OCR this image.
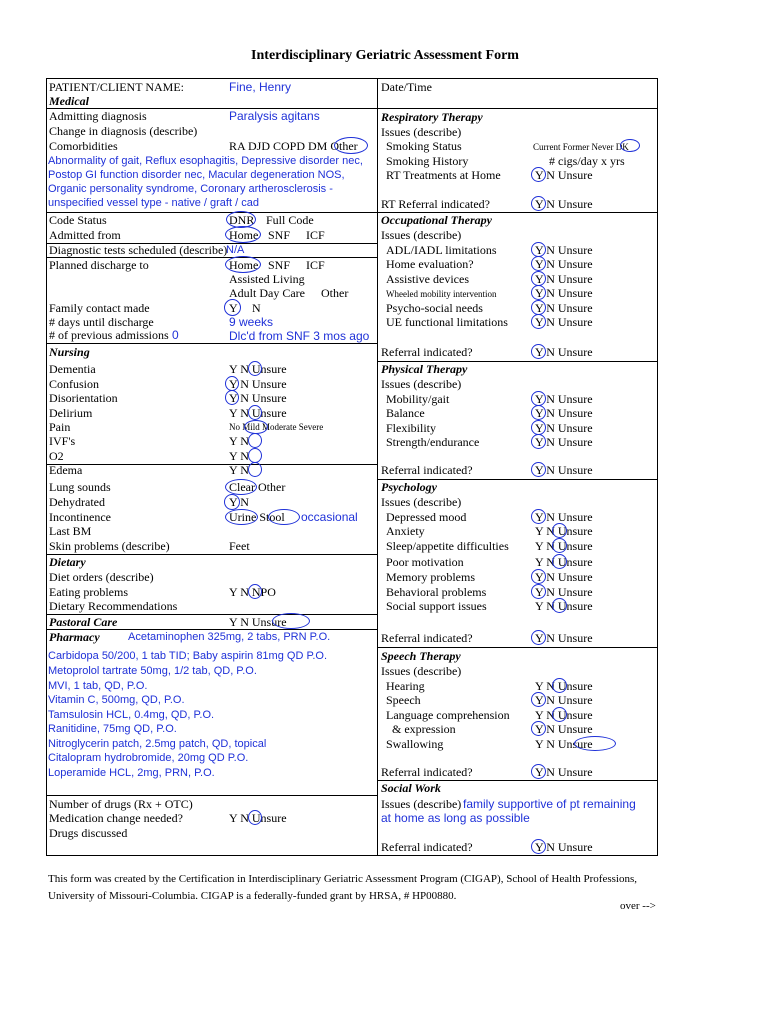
Interdisciplinary Geriatric Assessment Form
PATIENT/CLIENT NAME:	Fine, Henry
Medical
Admitting diagnosis	Paralysis agitans
Change in diagnosis (describe)
Comorbidities	RA DJD COPD DM Other
Abnormality of gait, Reflux esophagitis, Depressive disorder nec,
Postop GI function disorder nec, Macular degeneration NOS,
Organic personality syndrome, Coronary artherosclerosis -
unspecified vessel type - native / graft / cad
Code Status	DNR Full Code
Admitted from	Home SNF ICF
Diagnostic tests scheduled (describe)
N/A
Planned discharge to	Home SNF ICF
Assisted Living
Adult Day Care Other
Family contact made	Y N
# days until discharge	9 weeks
# of previous admissions 0	Dlc'd from SNF 3 mos ago
Nursing
Dementia	Y N Unsure
Confusion	Y N Unsure
Disorientation	Y N Unsure
Delirium	Y N Unsure
Pain	No Mild Moderate Severe
IVF's	Y N
O2	Y N
Edema	Y N
Lung sounds	Clear Other
Dehydrated	Y N
Incontinence	Urine Stool occasional
Last BM
Skin problems (describe)	Feet
Dietary
Diet orders (describe)
Eating problems	Y N NPO
Dietary Recommendations
Pastoral Care	Y N Unsure
Pharmacy	Acetaminophen 325mg, 2 tabs, PRN P.O.
Carbidopa 50/200, 1 tab TID; Baby aspirin 81mg QD P.O.
Metoprolol tartrate 50mg, 1/2 tab, QD, P.O.
MVI, 1 tab, QD, P.O.
Vitamin C, 500mg, QD, P.O.
Tamsulosin HCL, 0.4mg, QD, P.O.
Ranitidine, 75mg QD, P.O.
Nitroglycerin patch, 2.5mg patch, QD, topical
Citalopram hydrobromide, 20mg QD P.O.
Loperamide HCL, 2mg, PRN, P.O.
Number of drugs (Rx + OTC)
Medication change needed?	Y N Unsure
Drugs discussed
Date/Time
Respiratory Therapy
Issues (describe)
Smoking Status	Current Former Never DK
Smoking History	# cigs/day x yrs
RT Treatments at Home	Y N Unsure
RT Referral indicated?	Y N Unsure
Occupational Therapy
Issues (describe)
ADL/IADL limitations	Y N Unsure
Home evaluation?	Y N Unsure
Assistive devices	Y N Unsure
Wheeled mobility intervention	Y N Unsure
Psycho-social needs	Y N Unsure
UE functional limitations Y N Unsure
Referral indicated?	Y N Unsure
Physical Therapy
Issues (describe)
Mobility/gait	Y N Unsure
Balance	Y N Unsure
Flexibility	Y N Unsure
Strength/endurance	Y N Unsure
Referral indicated?	Y N Unsure
Psychology
Issues (describe)
Depressed mood	Y N Unsure
Anxiety	Y N Unsure
Sleep/appetite difficulties Y N Unsure
Poor motivation	Y N Unsure
Memory problems	Y N Unsure
Behavioral problems	Y N Unsure
Social support issues	Y N Unsure
Referral indicated?	Y N Unsure
Speech Therapy
Issues (describe)
Hearing	Y N Unsure
Speech	Y N Unsure
Language comprehension Y N Unsure
& expression	Y N Unsure
Swallowing	Y N Unsure
Referral indicated?	Y N Unsure
Social Work
Issues (describe) family supportive of pt remaining
at home as long as possible
Referral indicated?	Y N Unsure
This form was created by the Certification in Interdisciplinary Geriatric Assessment Program (CIGAP), School of Health Professions, University of Missouri-Columbia. CIGAP is a federally-funded grant by HRSA, # HP00880.
over -->
